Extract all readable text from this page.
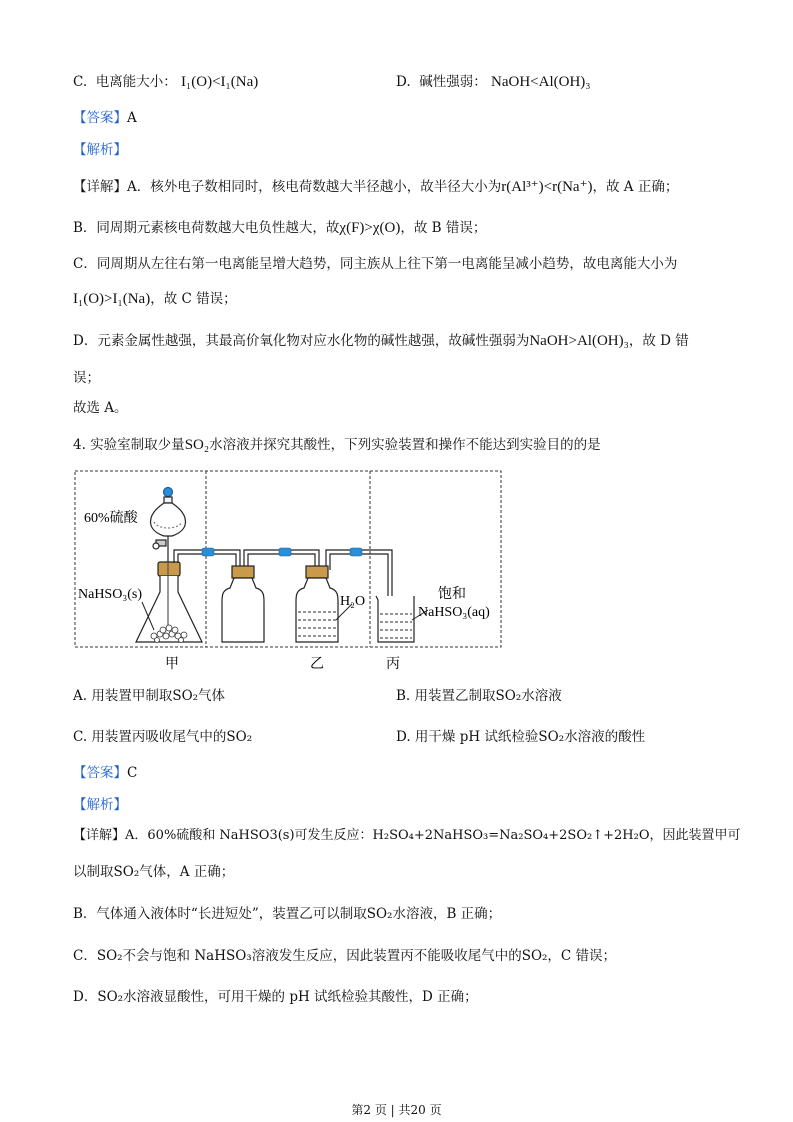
C. 电离能大小： I₁(O)<I₁(Na)	D. 碱性强弱： NaOH<Al(OH)₃
【答案】A
【解析】
【详解】A．核外电子数相同时，核电荷数越大半径越小，故半径大小为r(Al³⁺)<r(Na⁺)，故 A 正确；
B．同周期元素核电荷数越大电负性越大，故χ(F)>χ(O)，故 B 错误；
C．同周期从左往右第一电离能呈增大趋势，同主族从上往下第一电离能呈减小趋势，故电离能大小为
I₁(O)>I₁(Na)，故 C 错误；
D．元素金属性越强，其最高价氧化物对应水化物的碱性越强，故碱性强弱为NaOH>Al(OH)₃，故 D 错
误；
故选 A。
4. 实验室制取少量SO₂水溶液并探究其酸性，下列实验装置和操作不能达到实验目的的是
60%硫酸
NaHSO₃(s)	H₂O	饱和
NaHSO₃(aq)
甲	乙	丙
A. 用装置甲制取SO₂气体	B. 用装置乙制取SO₂水溶液
C. 用装置丙吸收尾气中的SO₂	D. 用干燥 pH 试纸检验SO₂水溶液的酸性
【答案】C
【解析】
【详解】A．60%硫酸和 NaHSO3(s)可发生反应：H₂SO₄+2NaHSO₃=Na₂SO₄+2SO₂↑+2H₂O，因此装置甲可
以制取SO₂气体，A 正确；
B．气体通入液体时“长进短处”，装置乙可以制取SO₂水溶液，B 正确；
C．SO₂不会与饱和 NaHSO₃溶液发生反应，因此装置丙不能吸收尾气中的SO₂，C 错误；
D．SO₂水溶液显酸性，可用干燥的 pH 试纸检验其酸性，D 正确；
第2 页 | 共20 页
